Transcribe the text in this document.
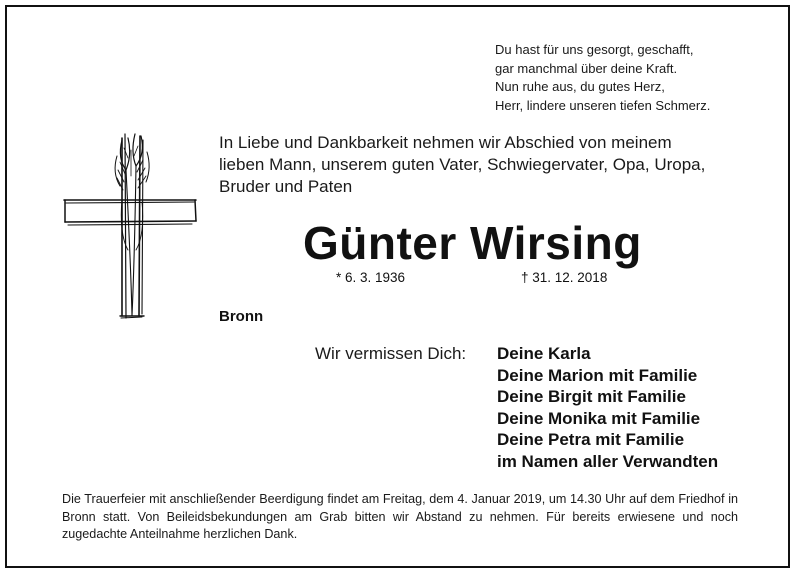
Du hast für uns gesorgt, geschafft,
gar manchmal über deine Kraft.
Nun ruhe aus, du gutes Herz,
Herr, lindere unseren tiefen Schmerz.
In Liebe und Dankbarkeit nehmen wir Abschied von meinem
lieben Mann, unserem guten Vater, Schwiegervater, Opa, Uropa,
Bruder und Paten
Günter Wirsing
* 6. 3. 1936	† 31. 12. 2018
Bronn
Wir vermissen Dich: Deine Karla
Deine Marion mit Familie
Deine Birgit mit Familie
Deine Monika mit Familie
Deine Petra mit Familie
im Namen aller Verwandten
Die Trauerfeier mit anschließender Beerdigung findet am Freitag, dem 4. Januar 2019, um 14.30 Uhr auf dem Friedhof in Bronn statt. Von Beileidsbekundungen am Grab bitten wir Abstand zu nehmen. Für bereits erwiesene und noch zugedachte Anteilnahme herzlichen Dank.
